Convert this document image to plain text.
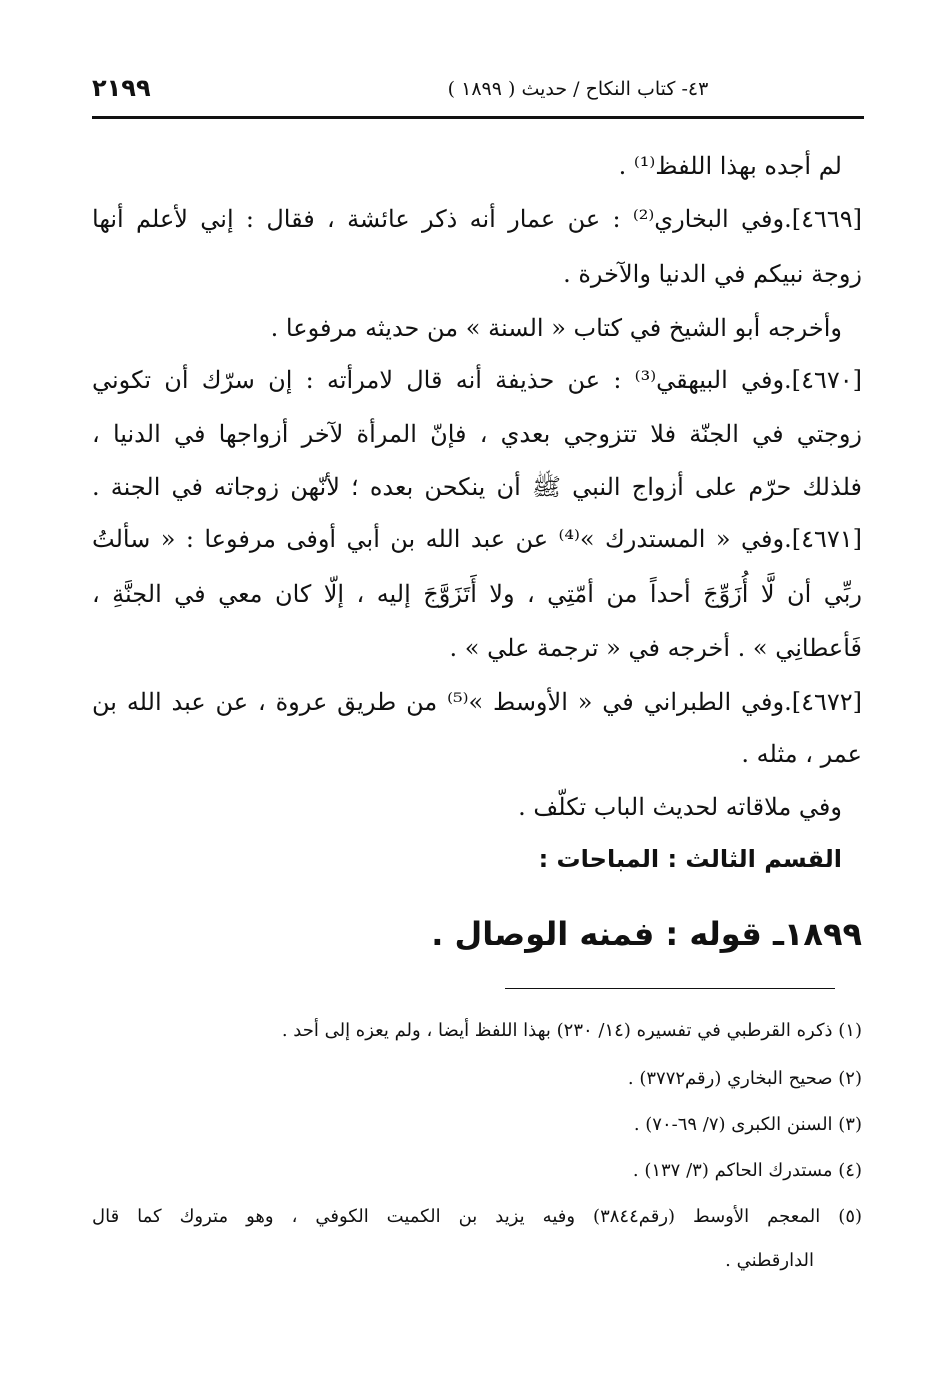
٢١٩٩	٤٣- كتاب النكاح / حديث ( ١٨٩٩ )
لم أجده بهذا اللفظ⁽¹⁾ .
[٤٦٦٩].وفي البخاري⁽²⁾ : عن عمار أنه ذكر عائشة ، فقال : إني لأعلم أنها
زوجة نبيكم في الدنيا والآخرة .
وأخرجه أبو الشيخ في كتاب « السنة » من حديثه مرفوعا .
[٤٦٧٠].وفي البيهقي⁽³⁾ : عن حذيفة أنه قال لامرأته : إن سرّك أن تكوني
زوجتي في الجنّة فلا تتزوجي بعدي ، فإنّ المرأة لآخر أزواجها في الدنيا ،
فلذلك حرّم على أزواج النبي ﷺ أن ينكحن بعده ؛ لأنّهن زوجاته في الجنة .
[٤٦٧١].وفي « المستدرك »⁽⁴⁾ عن عبد الله بن أبي أوفى مرفوعا : « سألتُ
ربِّي أن لَّا أُزَوِّجَ أحداً من أمّتِي ، ولا أَتَزَوَّجَ إليه ، إلّا كان معي في الجنَّةِ ،
فَأعطانِي » . أخرجه في « ترجمة علي » .
[٤٦٧٢].وفي الطبراني في « الأوسط »⁽⁵⁾ من طريق عروة ، عن عبد الله بن
عمر ، مثله .
وفي ملاقاته لحديث الباب تكلّف .
القسم الثالث : المباحات :
١٨٩٩ـ قوله : فمنه الوصال .
(١) ذكره القرطبي في تفسيره (١٤/ ٢٣٠) بهذا اللفظ أيضا ، ولم يعزه إلى أحد .
(٢) صحيح البخاري (رقم٣٧٧٢) .
(٣) السنن الكبرى (٧/ ٦٩-٧٠) .
(٤) مستدرك الحاكم (٣/ ١٣٧) .
(٥) المعجم الأوسط (رقم٣٨٤٤) وفيه يزيد بن الكميت الكوفي ، وهو متروك كما قال
الدارقطني .
